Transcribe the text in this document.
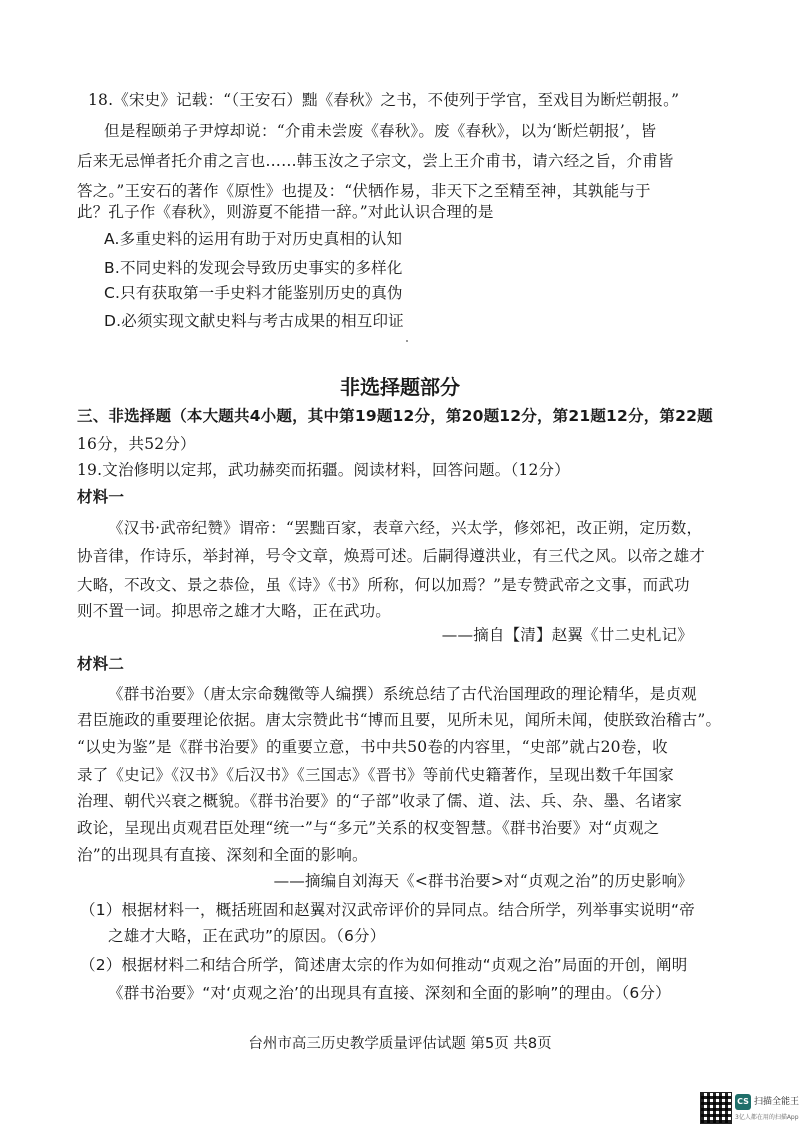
18.《宋史》记载：“（王安石）黜《春秋》之书，不使列于学官，至戏目为断烂朝报。”
但是程颐弟子尹焞却说：“介甫未尝废《春秋》。废《春秋》，以为‘断烂朝报’，皆
后来无忌惮者托介甫之言也……韩玉汝之子宗文，尝上王介甫书，请六经之旨，介甫皆
答之。”王安石的著作《原性》也提及：“伏牺作易，非天下之至精至神，其孰能与于
此？孔子作《春秋》，则游夏不能措一辞。”对此认识合理的是
A.多重史料的运用有助于对历史真相的认知
B.不同史料的发现会导致历史事实的多样化
C.只有获取第一手史料才能鉴别历史的真伪
D.必须实现文献史料与考古成果的相互印证
非选择题部分
三、非选择题（本大题共4小题，其中第19题12分，第20题12分，第21题12分，第22题
16分，共52分）
19.文治修明以定邦，武功赫奕而拓疆。阅读材料，回答问题。（12分）
材料一
《汉书·武帝纪赞》谓帝：“罢黜百家，表章六经，兴太学，修郊祀，改正朔，定历数，
协音律，作诗乐，举封禅，号令文章，焕焉可述。后嗣得遵洪业，有三代之风。以帝之雄才
大略，不改文、景之恭俭，虽《诗》《书》所称，何以加焉？”是专赞武帝之文事，而武功
则不置一词。抑思帝之雄才大略，正在武功。
——摘自【清】赵翼《廿二史札记》
材料二
《群书治要》（唐太宗命魏徵等人编撰）系统总结了古代治国理政的理论精华，是贞观
君臣施政的重要理论依据。唐太宗赞此书“博而且要，见所未见，闻所未闻，使朕致治稽古”。
“以史为鉴”是《群书治要》的重要立意，书中共50卷的内容里，“史部”就占20卷，收
录了《史记》《汉书》《后汉书》《三国志》《晋书》等前代史籍著作，呈现出数千年国家
治理、朝代兴衰之概貌。《群书治要》的“子部”收录了儒、道、法、兵、杂、墨、名诸家
政论，呈现出贞观君臣处理“统一”与“多元”关系的权变智慧。《群书治要》对“贞观之
治”的出现具有直接、深刻和全面的影响。
——摘编自刘海天《<群书治要>对“贞观之治”的历史影响》
（1）根据材料一，概括班固和赵翼对汉武帝评价的异同点。结合所学，列举事实说明“帝
之雄才大略，正在武功”的原因。（6分）
（2）根据材料二和结合所学，简述唐太宗的作为如何推动“贞观之治”局面的开创，阐明
《群书治要》“对‘贞观之治’的出现具有直接、深刻和全面的影响”的理由。（6分）
台州市高三历史教学质量评估试题 第5页 共8页
CS 扫描全能王
3亿人都在用的扫描App
